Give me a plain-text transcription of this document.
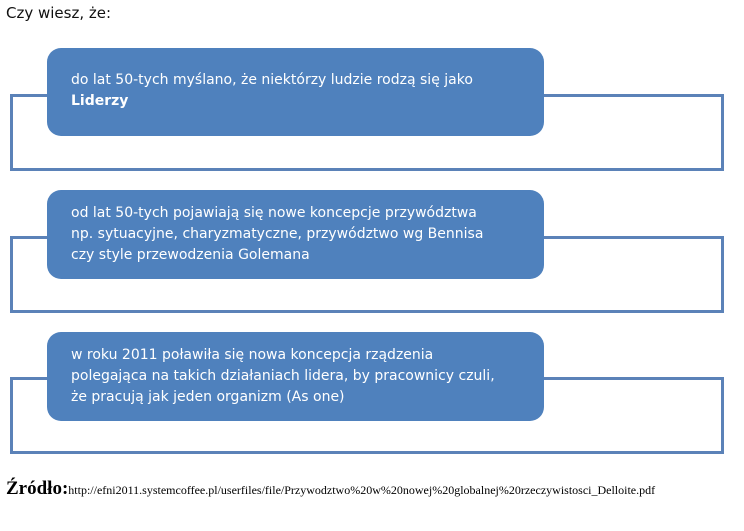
Czy wiesz, że:
do lat 50-tych myślano, że niektórzy ludzie rodzą się jako
Liderzy
od lat 50-tych pojawiają się nowe koncepcje przywództwa
np. sytuacyjne, charyzmatyczne, przywództwo wg Bennisa
czy style przewodzenia Golemana
w roku 2011 poławiła się nowa koncepcja rządzenia
polegająca na takich działaniach lidera, by pracownicy czuli,
że pracują jak jeden organizm (As one)
Źródło:http://efni2011.systemcoffee.pl/userfiles/file/Przywodztwo%20w%20nowej%20globalnej%20rzeczywistosci_Delloite.pdf
